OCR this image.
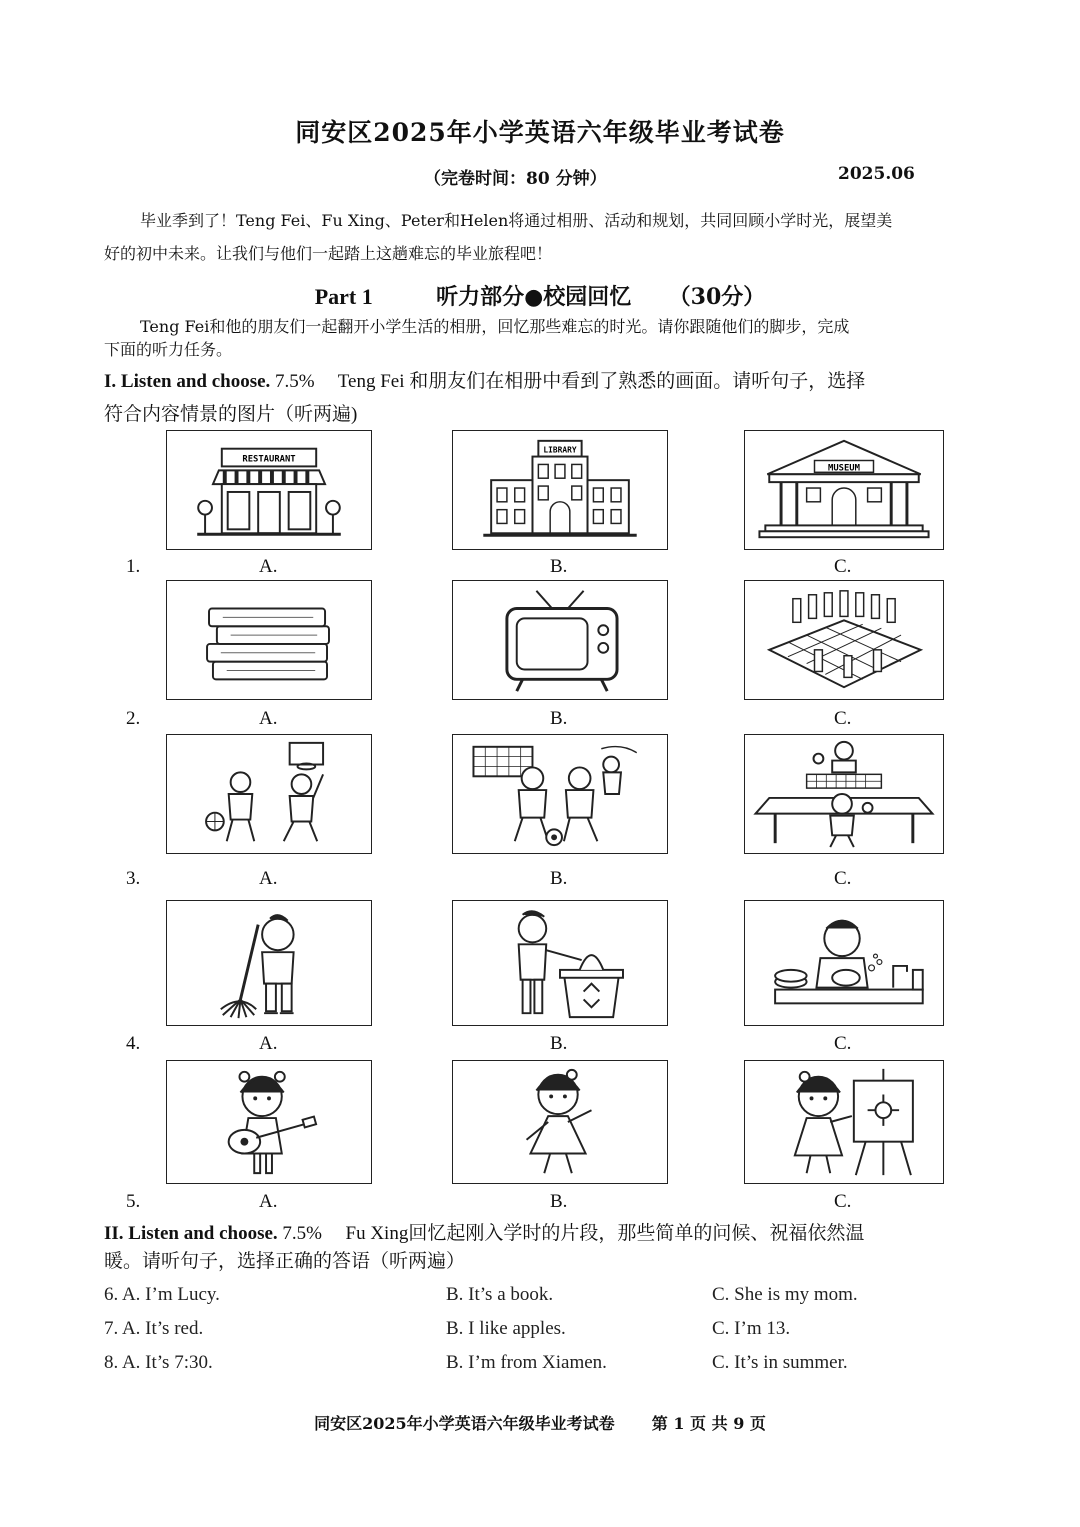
同安区2025年小学英语六年级毕业考试卷
（完卷时间：80 分钟）	2025.06
毕业季到了！Teng Fei、Fu Xing、Peter和Helen将通过相册、活动和规划，共同回顾小学时光，展望美
好的初中未来。让我们与他们一起踏上这趟难忘的毕业旅程吧！
Part 1	听力部分●校园回忆 （30分）
Teng Fei和他的朋友们一起翻开小学生活的相册，回忆那些难忘的时光。请你跟随他们的脚步，完成
下面的听力任务。
I. Listen and choose. 7.5% Teng Fei 和朋友们在相册中看到了熟悉的画面。请听句子，选择
符合内容情景的图片（听两遍)
RESTAURANT
LIBRARY
MUSEUM
1.	A.	B.	C.
2.	A.	B.	C.
3.	A.	B.	C.
4.	A.	B.	C.
5.	A.	B.	C.
II. Listen and choose. 7.5% Fu Xing回忆起刚入学时的片段，那些简单的问候、祝福依然温
暖。请听句子，选择正确的答语（听两遍）
6. A. I’m Lucy.	B. It’s a book.	C. She is my mom.
7. A. It’s red.	B. I like apples.	C. I’m 13.
8. A. It’s 7:30.	B. I’m from Xiamen.	C. It’s in summer.
同安区2025年小学英语六年级毕业考试卷 第 1 页 共 9 页
